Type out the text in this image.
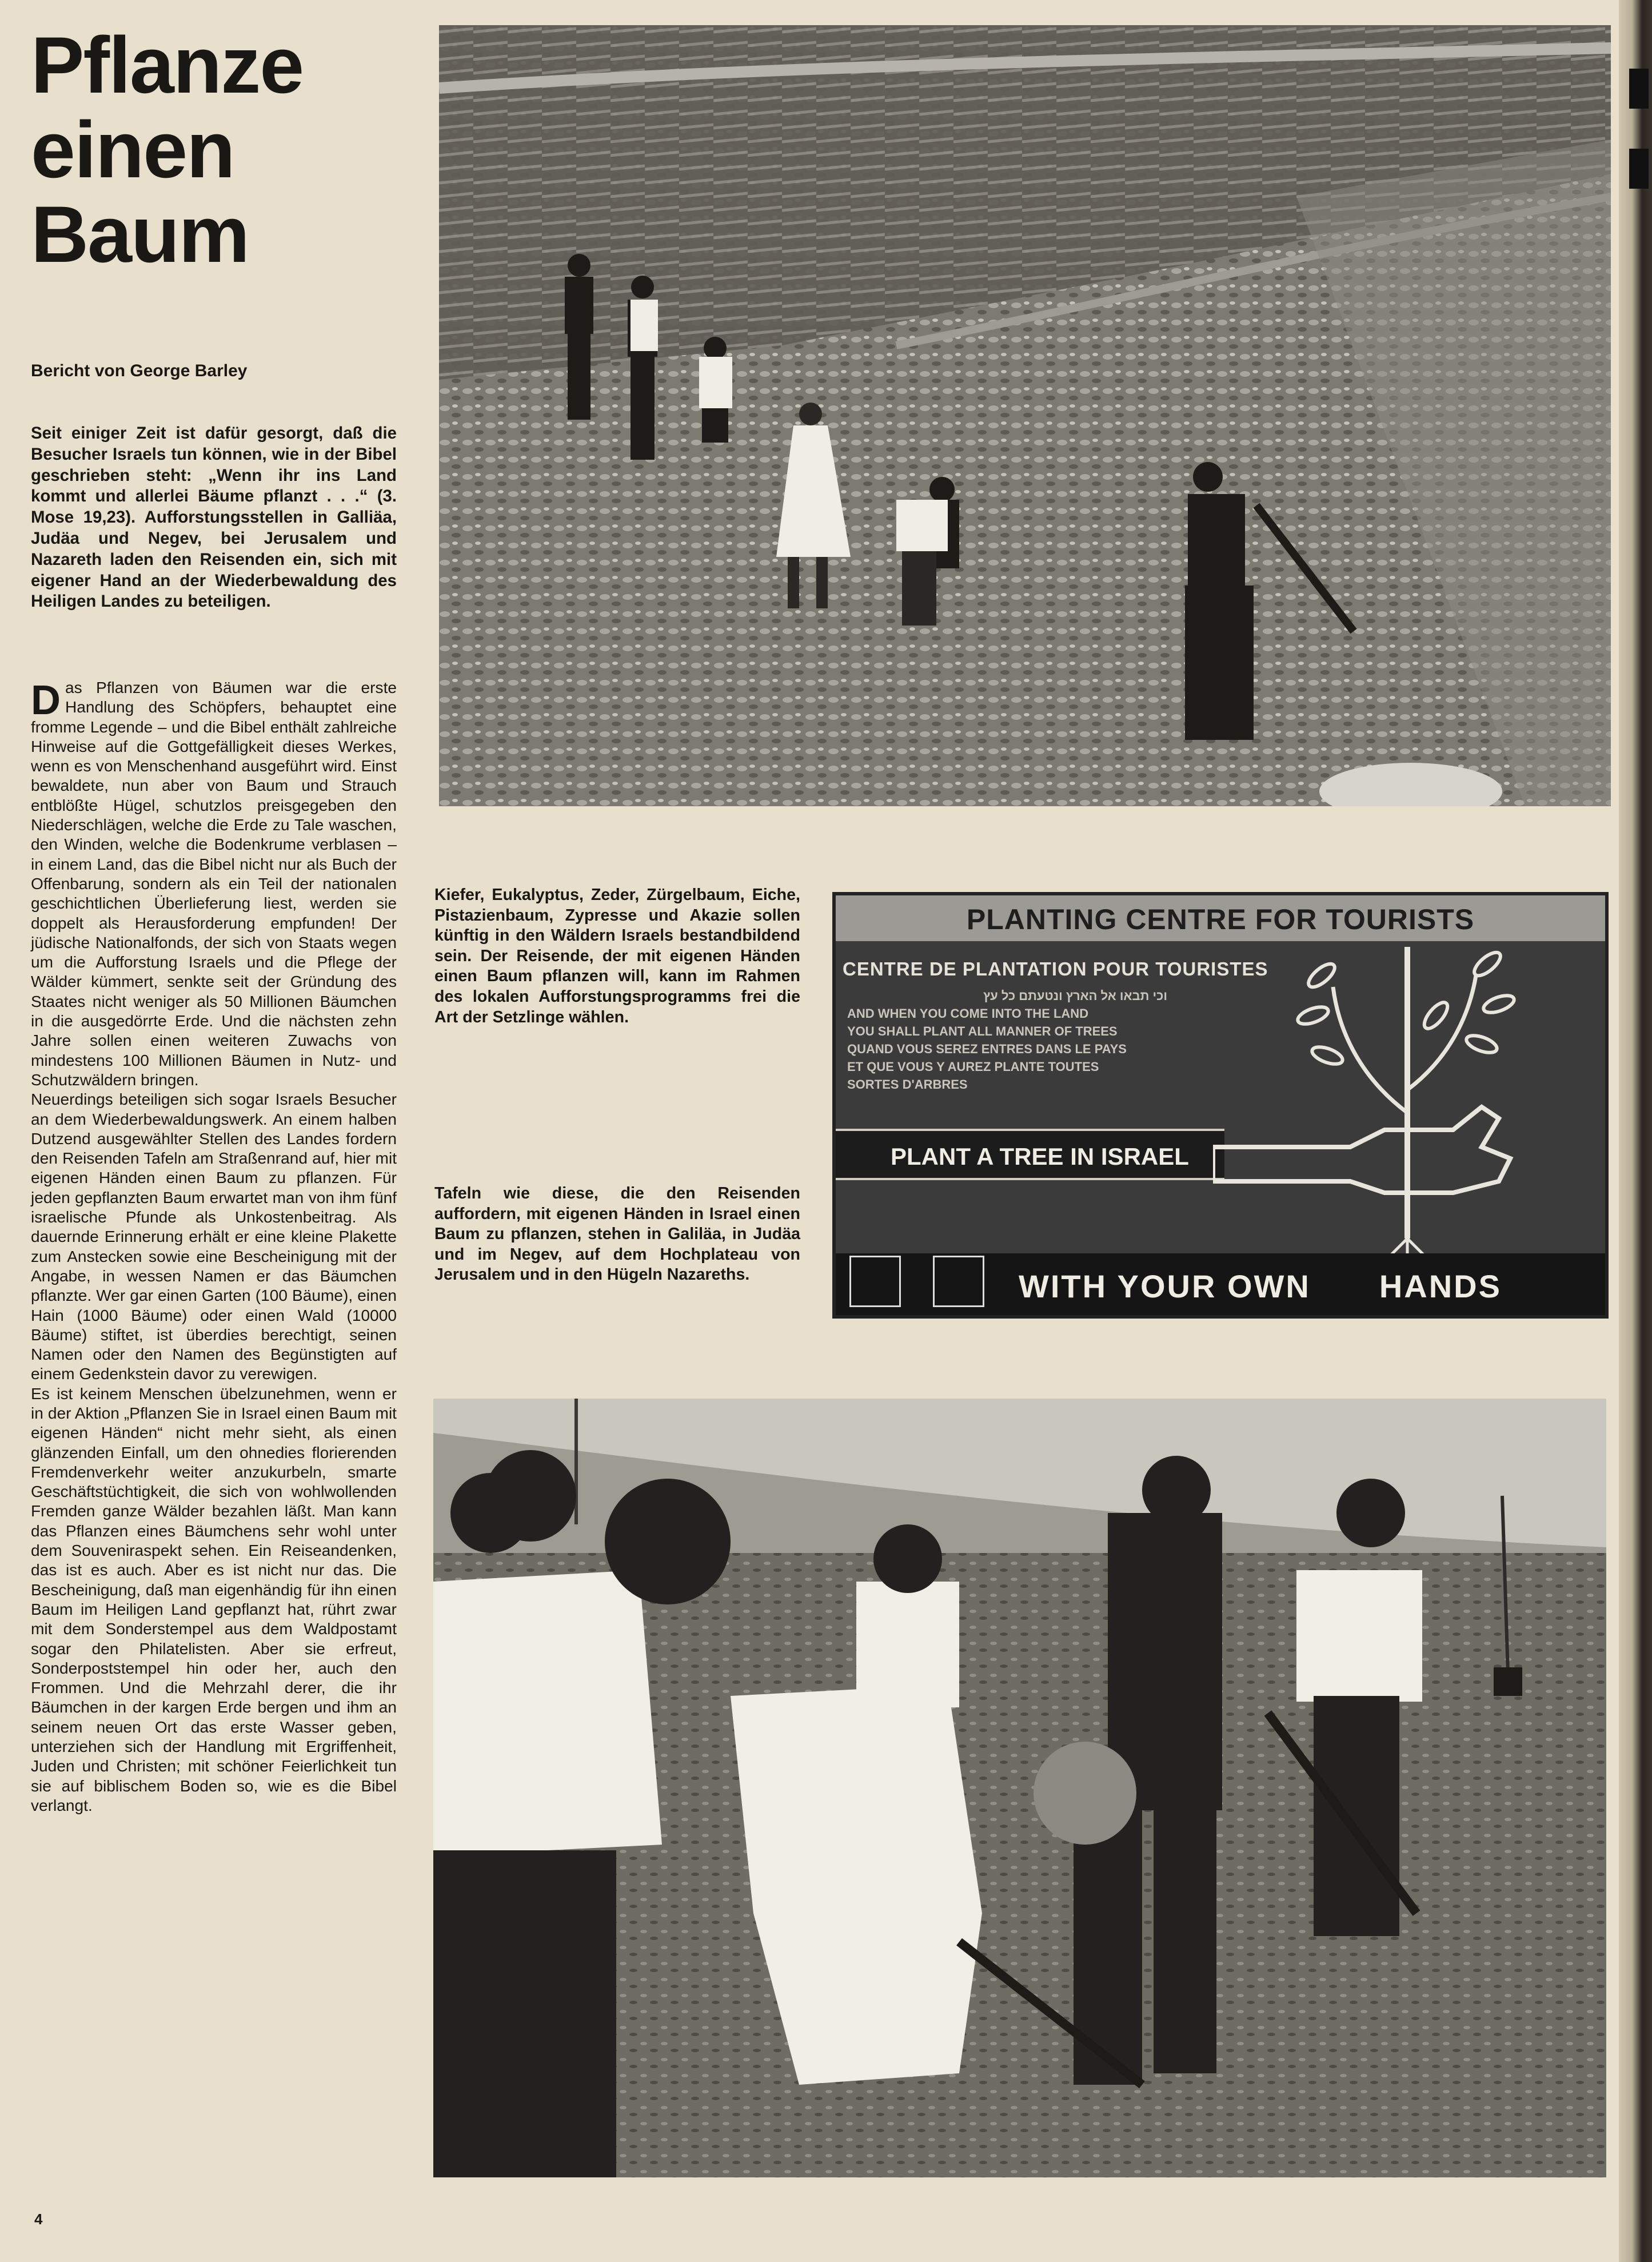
Pflanze
einen
Baum
Bericht von George Barley
Seit einiger Zeit ist dafür gesorgt, daß die Besucher Israels tun können, wie in der Bibel geschrieben steht: „Wenn ihr ins Land kommt und allerlei Bäume pflanzt . . .“ (3. Mose 19,23). Aufforstungsstellen in Galliäa, Judäa und Negev, bei Jerusalem und Nazareth laden den Reisenden ein, sich mit eigener Hand an der Wiederbewaldung des Heiligen Landes zu beteiligen.

Das Pflanzen von Bäumen war die erste Handlung des Schöpfers, behauptet eine fromme Legende – und die Bibel enthält zahlreiche Hinweise auf die Gottgefälligkeit dieses Werkes, wenn es von Menschenhand ausgeführt wird. Einst bewaldete, nun aber von Baum und Strauch entblößte Hügel, schutzlos preisgegeben den Niederschlägen, welche die Erde zu Tale waschen, den Winden, welche die Bodenkrume verblasen – in einem Land, das die Bibel nicht nur als Buch der Offenbarung, sondern als ein Teil der nationalen geschichtlichen Überlieferung liest, werden sie doppelt als Herausforderung empfunden! Der jüdische Nationalfonds, der sich von Staats wegen um die Aufforstung Israels und die Pflege der Wälder kümmert, senkte seit der Gründung des Staates nicht weniger als 50 Millionen Bäumchen in die ausgedörrte Erde. Und die nächsten zehn Jahre sollen einen weiteren Zuwachs von mindestens 100 Millionen Bäumen in Nutz- und Schutzwäldern bringen.

Neuerdings beteiligen sich sogar Israels Besucher an dem Wiederbewaldungswerk. An einem halben Dutzend ausgewählter Stellen des Landes fordern den Reisenden Tafeln am Straßenrand auf, hier mit eigenen Händen einen Baum zu pflanzen. Für jeden gepflanzten Baum erwartet man von ihm fünf israelische Pfunde als Unkostenbeitrag. Als dauernde Erinnerung erhält er eine kleine Plakette zum Anstecken sowie eine Bescheinigung mit der Angabe, in wessen Namen er das Bäumchen pflanzte. Wer gar einen Garten (100 Bäume), einen Hain (1000 Bäume) oder einen Wald (10000 Bäume) stiftet, ist überdies berechtigt, seinen Namen oder den Namen des Begünstigten auf einem Gedenkstein davor zu verewigen.

Es ist keinem Menschen übelzunehmen, wenn er in der Aktion „Pflanzen Sie in Israel einen Baum mit eigenen Händen“ nicht mehr sieht, als einen glänzenden Einfall, um den ohnedies florierenden Fremdenverkehr weiter anzukurbeln, smarte Geschäftstüchtigkeit, die sich von wohlwollenden Fremden ganze Wälder bezahlen läßt. Man kann das Pflanzen eines Bäumchens sehr wohl unter dem Souveniraspekt sehen. Ein Reiseandenken, das ist es auch. Aber es ist nicht nur das. Die Bescheinigung, daß man eigenhändig für ihn einen Baum im Heiligen Land gepflanzt hat, rührt zwar mit dem Sonderstempel aus dem Waldpostamt sogar den Philatelisten. Aber sie erfreut, Sonderpoststempel hin oder her, auch den Frommen. Und die Mehrzahl derer, die ihr Bäumchen in der kargen Erde bergen und ihm an seinem neuen Ort das erste Wasser geben, unterziehen sich der Handlung mit Ergriffenheit, Juden und Christen; mit schöner Feierlichkeit tun sie auf biblischem Boden so, wie es die Bibel verlangt.

Kiefer, Eukalyptus, Zeder, Zürgelbaum, Eiche, Pistazienbaum, Zypresse und Akazie sollen künftig in den Wäldern Israels bestandbildend sein. Der Reisende, der mit eigenen Händen einen Baum pflanzen will, kann im Rahmen des lokalen Aufforstungsprogramms frei die Art der Setzlinge wählen.
Tafeln wie diese, die den Reisenden auffordern, mit eigenen Händen in Israel einen Baum zu pflanzen, stehen in Galiläa, in Judäa und im Negev, auf dem Hochplateau von Jerusalem und in den Hügeln Nazareths.
PLANTING CENTRE FOR TOURISTS
CENTRE DE PLANTATION POUR TOURISTES
וכי תבאו אל הארץ ונטעתם כל עץ
AND WHEN YOU COME INTO THE LAND
YOU SHALL PLANT ALL MANNER OF TREES
QUAND VOUS SEREZ ENTRES DANS LE PAYS
ET QUE VOUS Y AUREZ PLANTE TOUTES
SORTES D'ARBRES
PLANT A TREE IN ISRAEL
WITH YOUR OWN HANDS
4
